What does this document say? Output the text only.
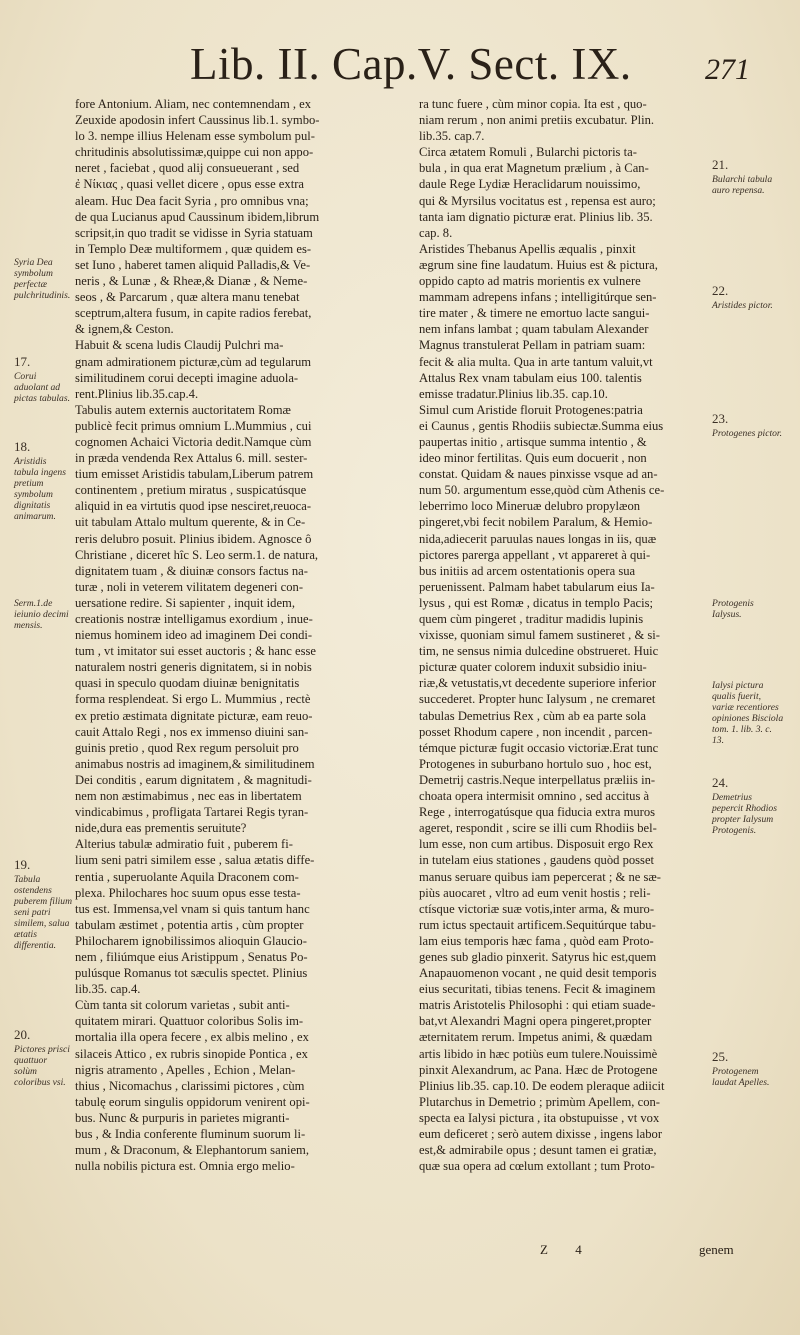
Lib. II. Cap.V. Sect. IX. 271
fore Antonium. Aliam, nec contemnendam , ex
Zeuxide apodosin infert Caussinus lib.1. symbo-
lo 3. nempe illius Helenam esse symbolum pul-
chritudinis absolutissimæ,quippe cui non appo-
neret , faciebat , quod alij consueuerant , sed
ἐ Νίκιας , quasi vellet dicere , opus esse extra
aleam. Huc Dea facit Syria , pro omnibus vna;
de qua Lucianus apud Caussinum ibidem,librum
scripsit,in quo tradit se vidisse in Syria statuam
in Templo Deæ multiformem , quæ quidem es-
set Iuno , haberet tamen aliquid Palladis,& Ve-
neris , & Lunæ , & Rheæ,& Dianæ , & Neme-
seos , & Parcarum , quæ altera manu tenebat
sceptrum,altera fusum, in capite radios ferebat,
& ignem,& Ceston.
Habuit & scena ludis Claudij Pulchri ma-
gnam admirationem picturæ,cùm ad tegularum
similitudinem corui decepti imagine aduola-
rent.Plinius lib.35.cap.4.
Tabulis autem externis auctoritatem Romæ
publicè fecit primus omnium L.Mummius , cui
cognomen Achaici Victoria dedit.Namque cùm
in præda vendenda Rex Attalus 6. mill. sester-
tium emisset Aristidis tabulam,Liberum patrem
continentem , pretium miratus , suspicatúsque
aliquid in ea virtutis quod ipse nesciret,reuoca-
uit tabulam Attalo multum querente, & in Ce-
reris delubro posuit. Plinius ibidem. Agnosce ô
Christiane , diceret hîc S. Leo serm.1. de natura,
dignitatem tuam , & diuinæ consors factus na-
turæ , noli in veterem vilitatem degeneri con-
uersatione redire. Si sapienter , inquit idem,
creationis nostræ intelligamus exordium , inue-
niemus hominem ideo ad imaginem Dei condi-
tum , vt imitator sui esset auctoris ; & hanc esse
naturalem nostri generis dignitatem, si in nobis
quasi in speculo quodam diuinæ benignitatis
forma resplendeat. Si ergo L. Mummius , rectè
ex pretio æstimata dignitate picturæ, eam reuo-
cauit Attalo Regi , nos ex immenso diuini san-
guinis pretio , quod Rex regum persoluit pro
animabus nostris ad imaginem,& similitudinem
Dei conditis , earum dignitatem , & magnitudi-
nem non æstimabimus , nec eas in libertatem
vindicabimus , profligata Tartarei Regis tyran-
nide,dura eas prementis seruitute?
Alterius tabulæ admiratio fuit , puberem fi-
lium seni patri similem esse , salua ætatis diffe-
rentia , superuolante Aquila Draconem com-
plexa. Philochares hoc suum opus esse testa-
tus est. Immensa,vel vnam si quis tantum hanc
tabulam æstimet , potentia artis , cùm propter
Philocharem ignobilissimos alioquin Glaucio-
nem , filiúmque eius Aristippum , Senatus Po-
pulúsque Romanus tot sæculis spectet. Plinius
lib.35. cap.4.
Cùm tanta sit colorum varietas , subit anti-
quitatem mirari. Quattuor coloribus Solis im-
mortalia illa opera fecere , ex albis melino , ex
silaceis Attico , ex rubris sinopide Pontica , ex
nigris atramento , Apelles , Echion , Melan-
thius , Nicomachus , clarissimi pictores , cùm
tabulę eorum singulis oppidorum venirent opi-
bus. Nunc & purpuris in parietes migranti-
bus , & India conferente fluminum suorum li-
mum , & Draconum, & Elephantorum saniem,
nulla nobilis pictura est. Omnia ergo melio-
ra tunc fuere , cùm minor copia. Ita est , quo-
niam rerum , non animi pretiis excubatur. Plin.
lib.35. cap.7.
Circa ætatem Romuli , Bularchi pictoris ta-
bula , in qua erat Magnetum prælium , à Can-
daule Rege Lydiæ Heraclidarum nouissimo,
qui & Myrsilus vocitatus est , repensa est auro;
tanta iam dignatio picturæ erat. Plinius lib. 35.
cap. 8.
Aristides Thebanus Apellis æqualis , pinxit
ægrum sine fine laudatum. Huius est & pictura,
oppido capto ad matris morientis ex vulnere
mammam adrepens infans ; intelligitúrque sen-
tire mater , & timere ne emortuo lacte sangui-
nem infans lambat ; quam tabulam Alexander
Magnus transtulerat Pellam in patriam suam:
fecit & alia multa. Qua in arte tantum valuit,vt
Attalus Rex vnam tabulam eius 100. talentis
emisse tradatur.Plinius lib.35. cap.10.
Simul cum Aristide floruit Protogenes:patria
ei Caunus , gentis Rhodiis subiectæ.Summa eius
paupertas initio , artisque summa intentio , &
ideo minor fertilitas. Quis eum docuerit , non
constat. Quidam & naues pinxisse vsque ad an-
num 50. argumentum esse,quòd cùm Athenis ce-
leberrimo loco Mineruæ delubro propylæon
pingeret,vbi fecit nobilem Paralum, & Hemio-
nida,adiecerit paruulas naues longas in iis, quæ
pictores parerga appellant , vt appareret à qui-
bus initiis ad arcem ostentationis opera sua
peruenissent. Palmam habet tabularum eius Ia-
lysus , qui est Romæ , dicatus in templo Pacis;
quem cùm pingeret , traditur madidis lupinis
vixisse, quoniam simul famem sustineret , & si-
tim, ne sensus nimia dulcedine obstrueret. Huic
picturæ quater colorem induxit subsidio iniu-
riæ,& vetustatis,vt decedente superiore inferior
succederet. Propter hunc Ialysum , ne cremaret
tabulas Demetrius Rex , cùm ab ea parte sola
posset Rhodum capere , non incendit , parcen-
témque picturæ fugit occasio victoriæ.Erat tunc
Protogenes in suburbano hortulo suo , hoc est,
Demetrij castris.Neque interpellatus præliis in-
choata opera intermisit omnino , sed accitus à
Rege , interrogatúsque qua fiducia extra muros
ageret, respondit , scire se illi cum Rhodiis bel-
lum esse, non cum artibus. Disposuit ergo Rex
in tutelam eius stationes , gaudens quòd posset
manus seruare quibus iam pepercerat ; & ne sæ-
piùs auocaret , vltro ad eum venit hostis ; reli-
ctísque victoriæ suæ votis,inter arma, & muro-
rum ictus spectauit artificem.Sequitúrque tabu-
lam eius temporis hæc fama , quòd eam Proto-
genes sub gladio pinxerit. Satyrus hic est,quem
Anapauomenon vocant , ne quid desit temporis
eius securitati, tibias tenens. Fecit & imaginem
matris Aristotelis Philosophi : qui etiam suade-
bat,vt Alexandri Magni opera pingeret,propter
æternitatem rerum. Impetus animi, & quædam
artis libido in hæc potiùs eum tulere.Nouissimè
pinxit Alexandrum, ac Pana. Hæc de Protogene
Plinius lib.35. cap.10. De eodem pleraque adiicit
Plutarchus in Demetrio ; primùm Apellem, con-
specta ea Ialysi pictura , ita obstupuisse , vt vox
eum deficeret ; serò autem dixisse , ingens labor
est,& admirabile opus ; desunt tamen ei gratiæ,
quæ sua opera ad cœlum extollant ; tum Proto-
Syria Dea symbolum perfectæ pulchritudinis.
17.
Corui aduolant ad pictas tabulas.
18.
Aristidis tabula ingens pretium symbolum dignitatis animarum.
Serm.1.de ieiunio decimi mensis.
19.
Tabula ostendens puberem filium seni patri similem, salua ætatis differentia.
20.
Pictores prisci quattuor solùm coloribus vsi.
21.
Bularchi tabula auro repensa.
22.
Aristides pictor.
23.
Protogenes pictor.
Protogenis Ialysus.
Ialysi pictura qualis fuerit, variæ recentiores opiniones Bisciola tom. 1. lib. 3. c. 13.
24.
Demetrius pepercit Rhodios propter Ialysum Protogenis.
25.
Protogenem laudat Apelles.
Z 4	genem
